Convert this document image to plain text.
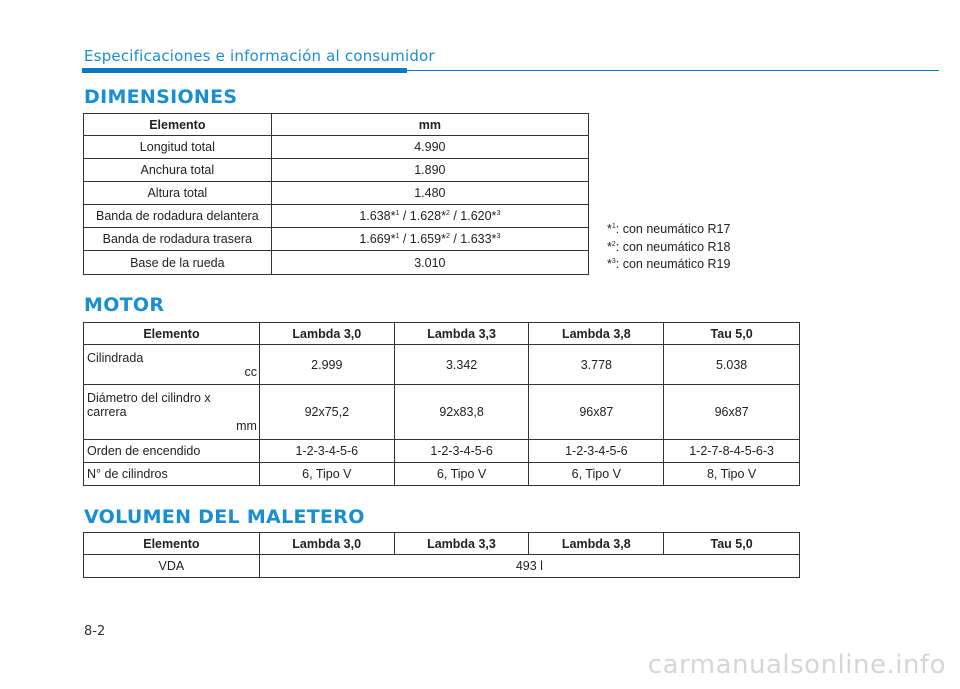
Especificaciones e información al consumidor
DIMENSIONES
Elemento	mm
Longitud total	4.990
Anchura total	1.890
Altura total	1.480
Banda de rodadura delantera	1.638*$^1$ / 1.628*$^2$ / 1.620*$^3$
Banda de rodadura trasera	1.669*$^1$ / 1.659*$^2$ / 1.633*$^3$
Base de la rueda	3.010
*$^1$: con neumático R17
*$^2$: con neumático R18
*$^3$: con neumático R19
MOTOR
Elemento	Lambda 3,0	Lambda 3,3	Lambda 3,8	Tau 5,0

Cilindrada
cc	2.999	3.342	3.778	5.038

Diámetro del cilindro x carrera
mm	92x75,2	92x83,8	96x87	96x87
Orden de encendido	1-2-3-4-5-6	1-2-3-4-5-6	1-2-3-4-5-6	1-2-7-8-4-5-6-3
N° de cilindros	6, Tipo V	6, Tipo V	6, Tipo V	8, Tipo V
VOLUMEN DEL MALETERO
Elemento	Lambda 3,0	Lambda 3,3	Lambda 3,8	Tau 5,0
VDA	493 l			
8-2
carmanualsonline.info
